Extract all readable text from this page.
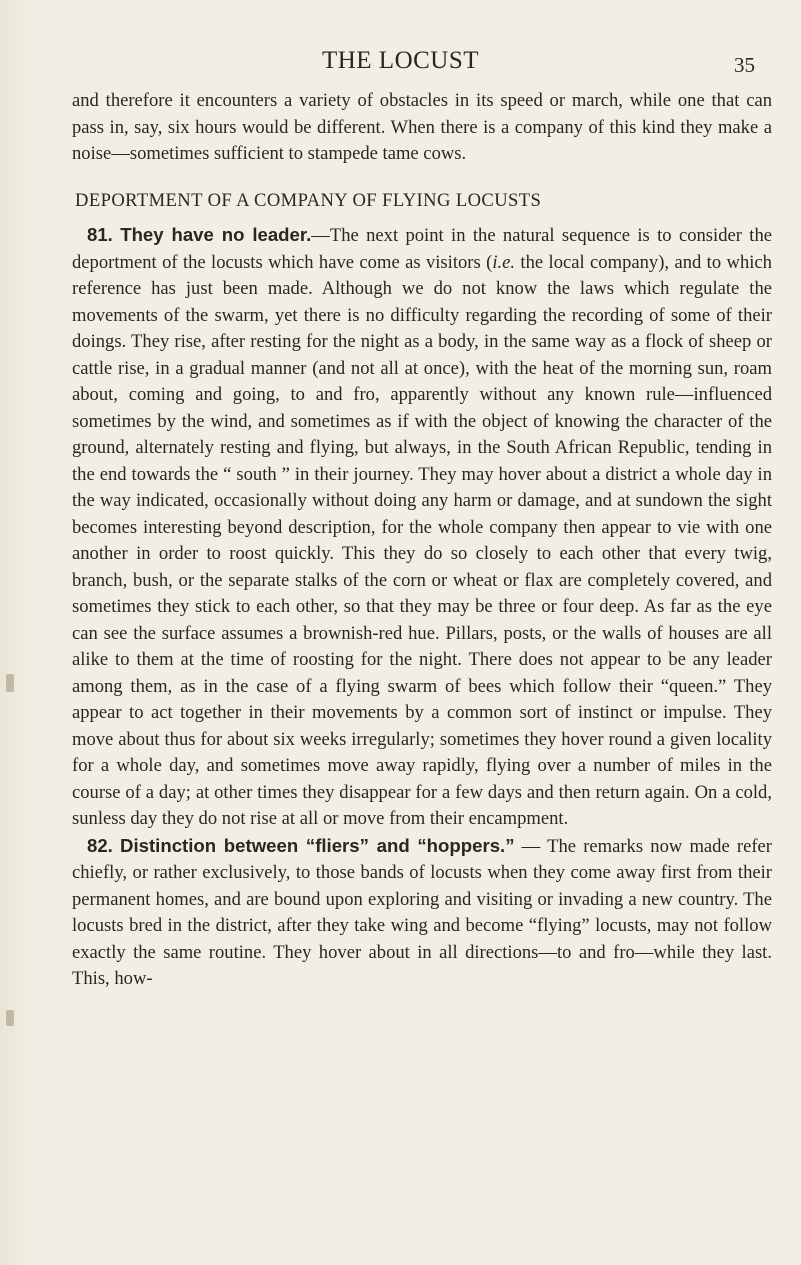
THE LOCUST	35

and therefore it encounters a variety of obstacles in its speed or march, while one that can pass in, say, six hours would be different. When there is a company of this kind they make a noise—sometimes sufficient to stampede tame cows.

DEPORTMENT OF A COMPANY OF FLYING LOCUSTS

81. They have no leader.—The next point in the natural sequence is to consider the deportment of the locusts which have come as visitors (i.e. the local company), and to which reference has just been made. Although we do not know the laws which regulate the movements of the swarm, yet there is no difficulty regarding the recording of some of their doings. They rise, after resting for the night as a body, in the same way as a flock of sheep or cattle rise, in a gradual manner (and not all at once), with the heat of the morning sun, roam about, coming and going, to and fro, apparently without any known rule—influenced sometimes by the wind, and sometimes as if with the object of knowing the character of the ground, alternately resting and flying, but always, in the South African Republic, tending in the end towards the “ south ” in their journey. They may hover about a district a whole day in the way indicated, occasionally without doing any harm or damage, and at sundown the sight becomes interesting beyond description, for the whole company then appear to vie with one another in order to roost quickly. This they do so closely to each other that every twig, branch, bush, or the separate stalks of the corn or wheat or flax are completely covered, and sometimes they stick to each other, so that they may be three or four deep. As far as the eye can see the surface assumes a brownish-red hue. Pillars, posts, or the walls of houses are all alike to them at the time of roosting for the night. There does not appear to be any leader among them, as in the case of a flying swarm of bees which follow their “queen.” They appear to act together in their movements by a common sort of instinct or impulse. They move about thus for about six weeks irregularly; sometimes they hover round a given locality for a whole day, and sometimes move away rapidly, flying over a number of miles in the course of a day; at other times they disappear for a few days and then return again. On a cold, sunless day they do not rise at all or move from their encampment.

82. Distinction between “fliers” and “hoppers.” — The remarks now made refer chiefly, or rather exclusively, to those bands of locusts when they come away first from their permanent homes, and are bound upon exploring and visiting or invading a new country. The locusts bred in the district, after they take wing and become “flying” locusts, may not follow exactly the same routine. They hover about in all directions—to and fro—while they last. This, how-
